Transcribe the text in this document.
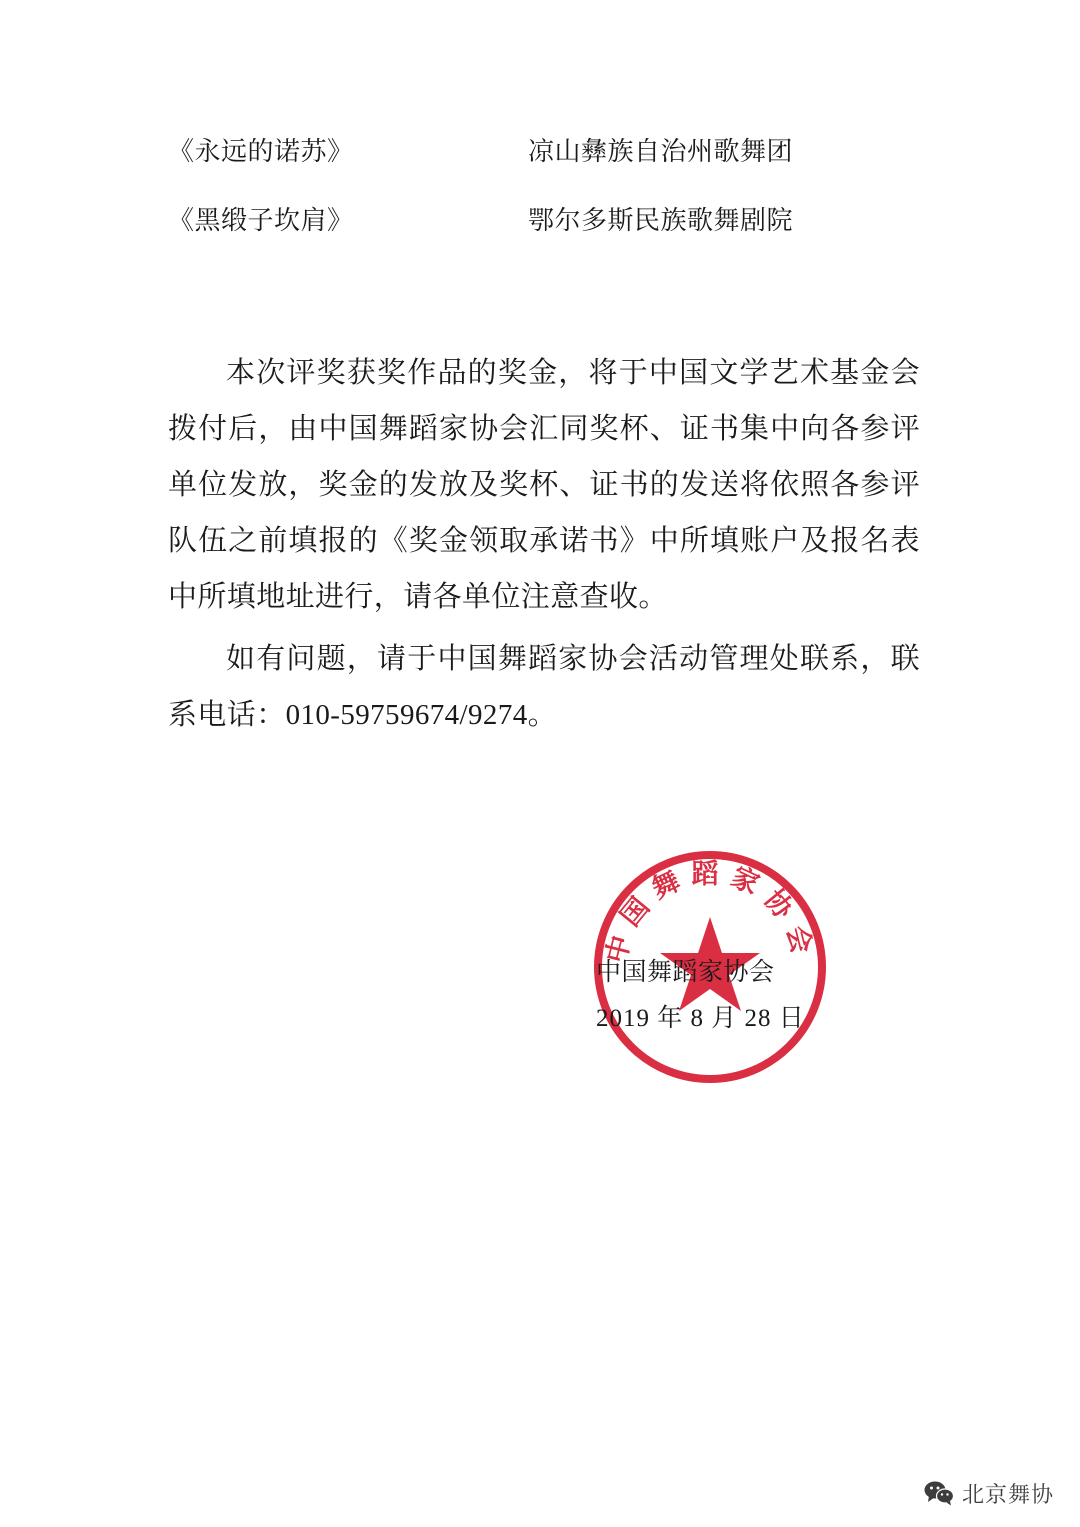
《永远的诺苏》	凉山彝族自治州歌舞团
《黑缎子坎肩》	鄂尔多斯民族歌舞剧院

本次评奖获奖作品的奖金，将于中国文学艺术基金会拨付后，由中国舞蹈家协会汇同奖杯、证书集中向各参评单位发放，奖金的发放及奖杯、证书的发送将依照各参评队伍之前填报的《奖金领取承诺书》中所填账户及报名表中所填地址进行，请各单位注意查收。

如有问题，请于中国舞蹈家协会活动管理处联系，联系电话：010-59759674/9274。

中国舞蹈家协会
中国舞蹈家协会
2019 年 8 月 28 日
北京舞协
